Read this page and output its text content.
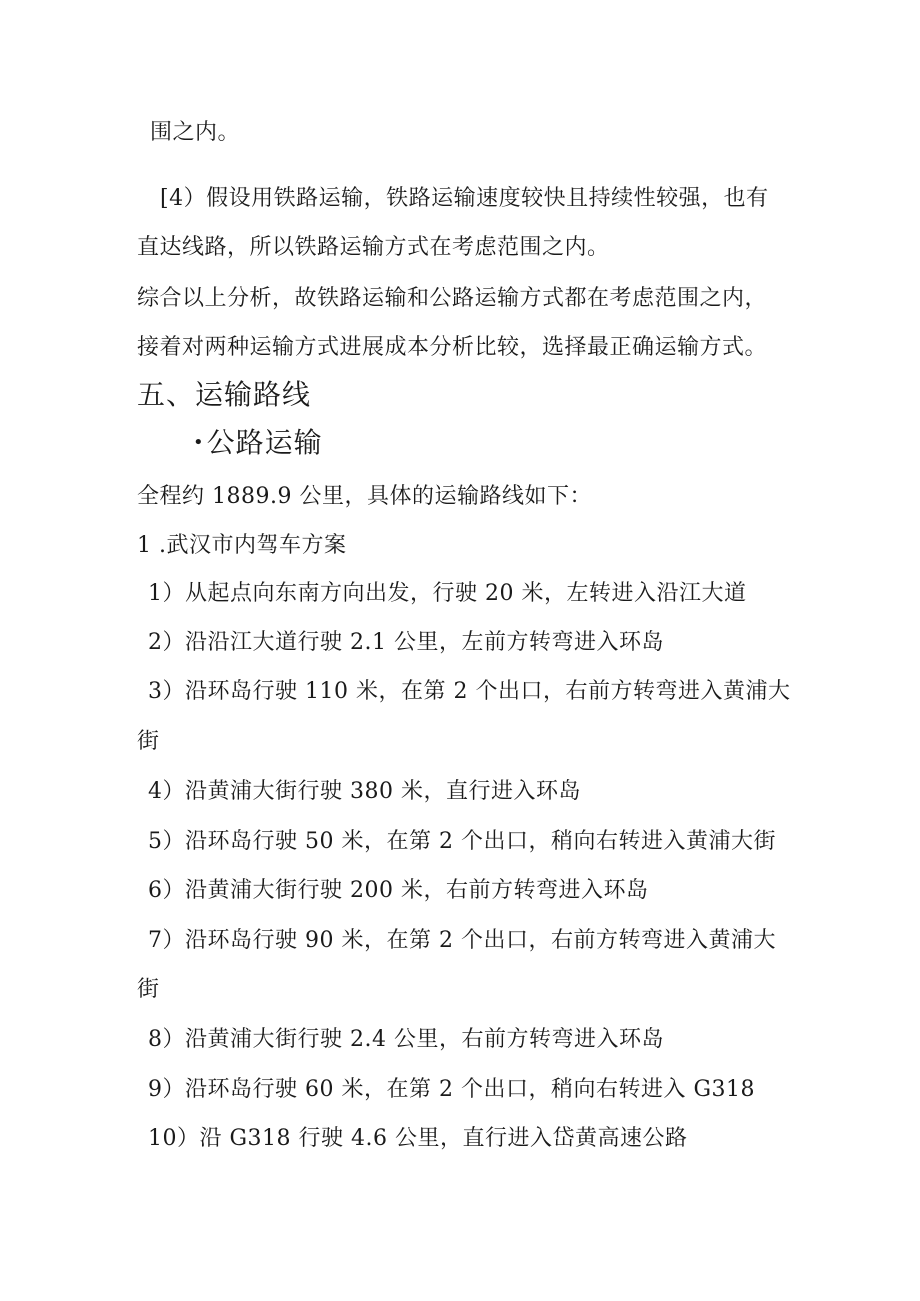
围之内。
[4）假设用铁路运输，铁路运输速度较快且持续性较强，也有
直达线路，所以铁路运输方式在考虑范围之内。
综合以上分析，故铁路运输和公路运输方式都在考虑范围之内，
接着对两种运输方式进展成本分析比较，选择最正确运输方式。
五、运输路线
•公路运输
全程约 1889.9 公里，具体的运输路线如下：
1 .武汉市内驾车方案
1）从起点向东南方向出发，行驶 20 米，左转进入沿江大道
2）沿沿江大道行驶 2.1 公里，左前方转弯进入环岛
3）沿环岛行驶 110 米，在第 2 个出口，右前方转弯进入黄浦大
街
4）沿黄浦大街行驶 380 米，直行进入环岛
5）沿环岛行驶 50 米，在第 2 个出口，稍向右转进入黄浦大街
6）沿黄浦大街行驶 200 米，右前方转弯进入环岛
7）沿环岛行驶 90 米，在第 2 个出口，右前方转弯进入黄浦大
街
8）沿黄浦大街行驶 2.4 公里，右前方转弯进入环岛
9）沿环岛行驶 60 米，在第 2 个出口，稍向右转进入 G318
10）沿 G318 行驶 4.6 公里，直行进入岱黄高速公路
